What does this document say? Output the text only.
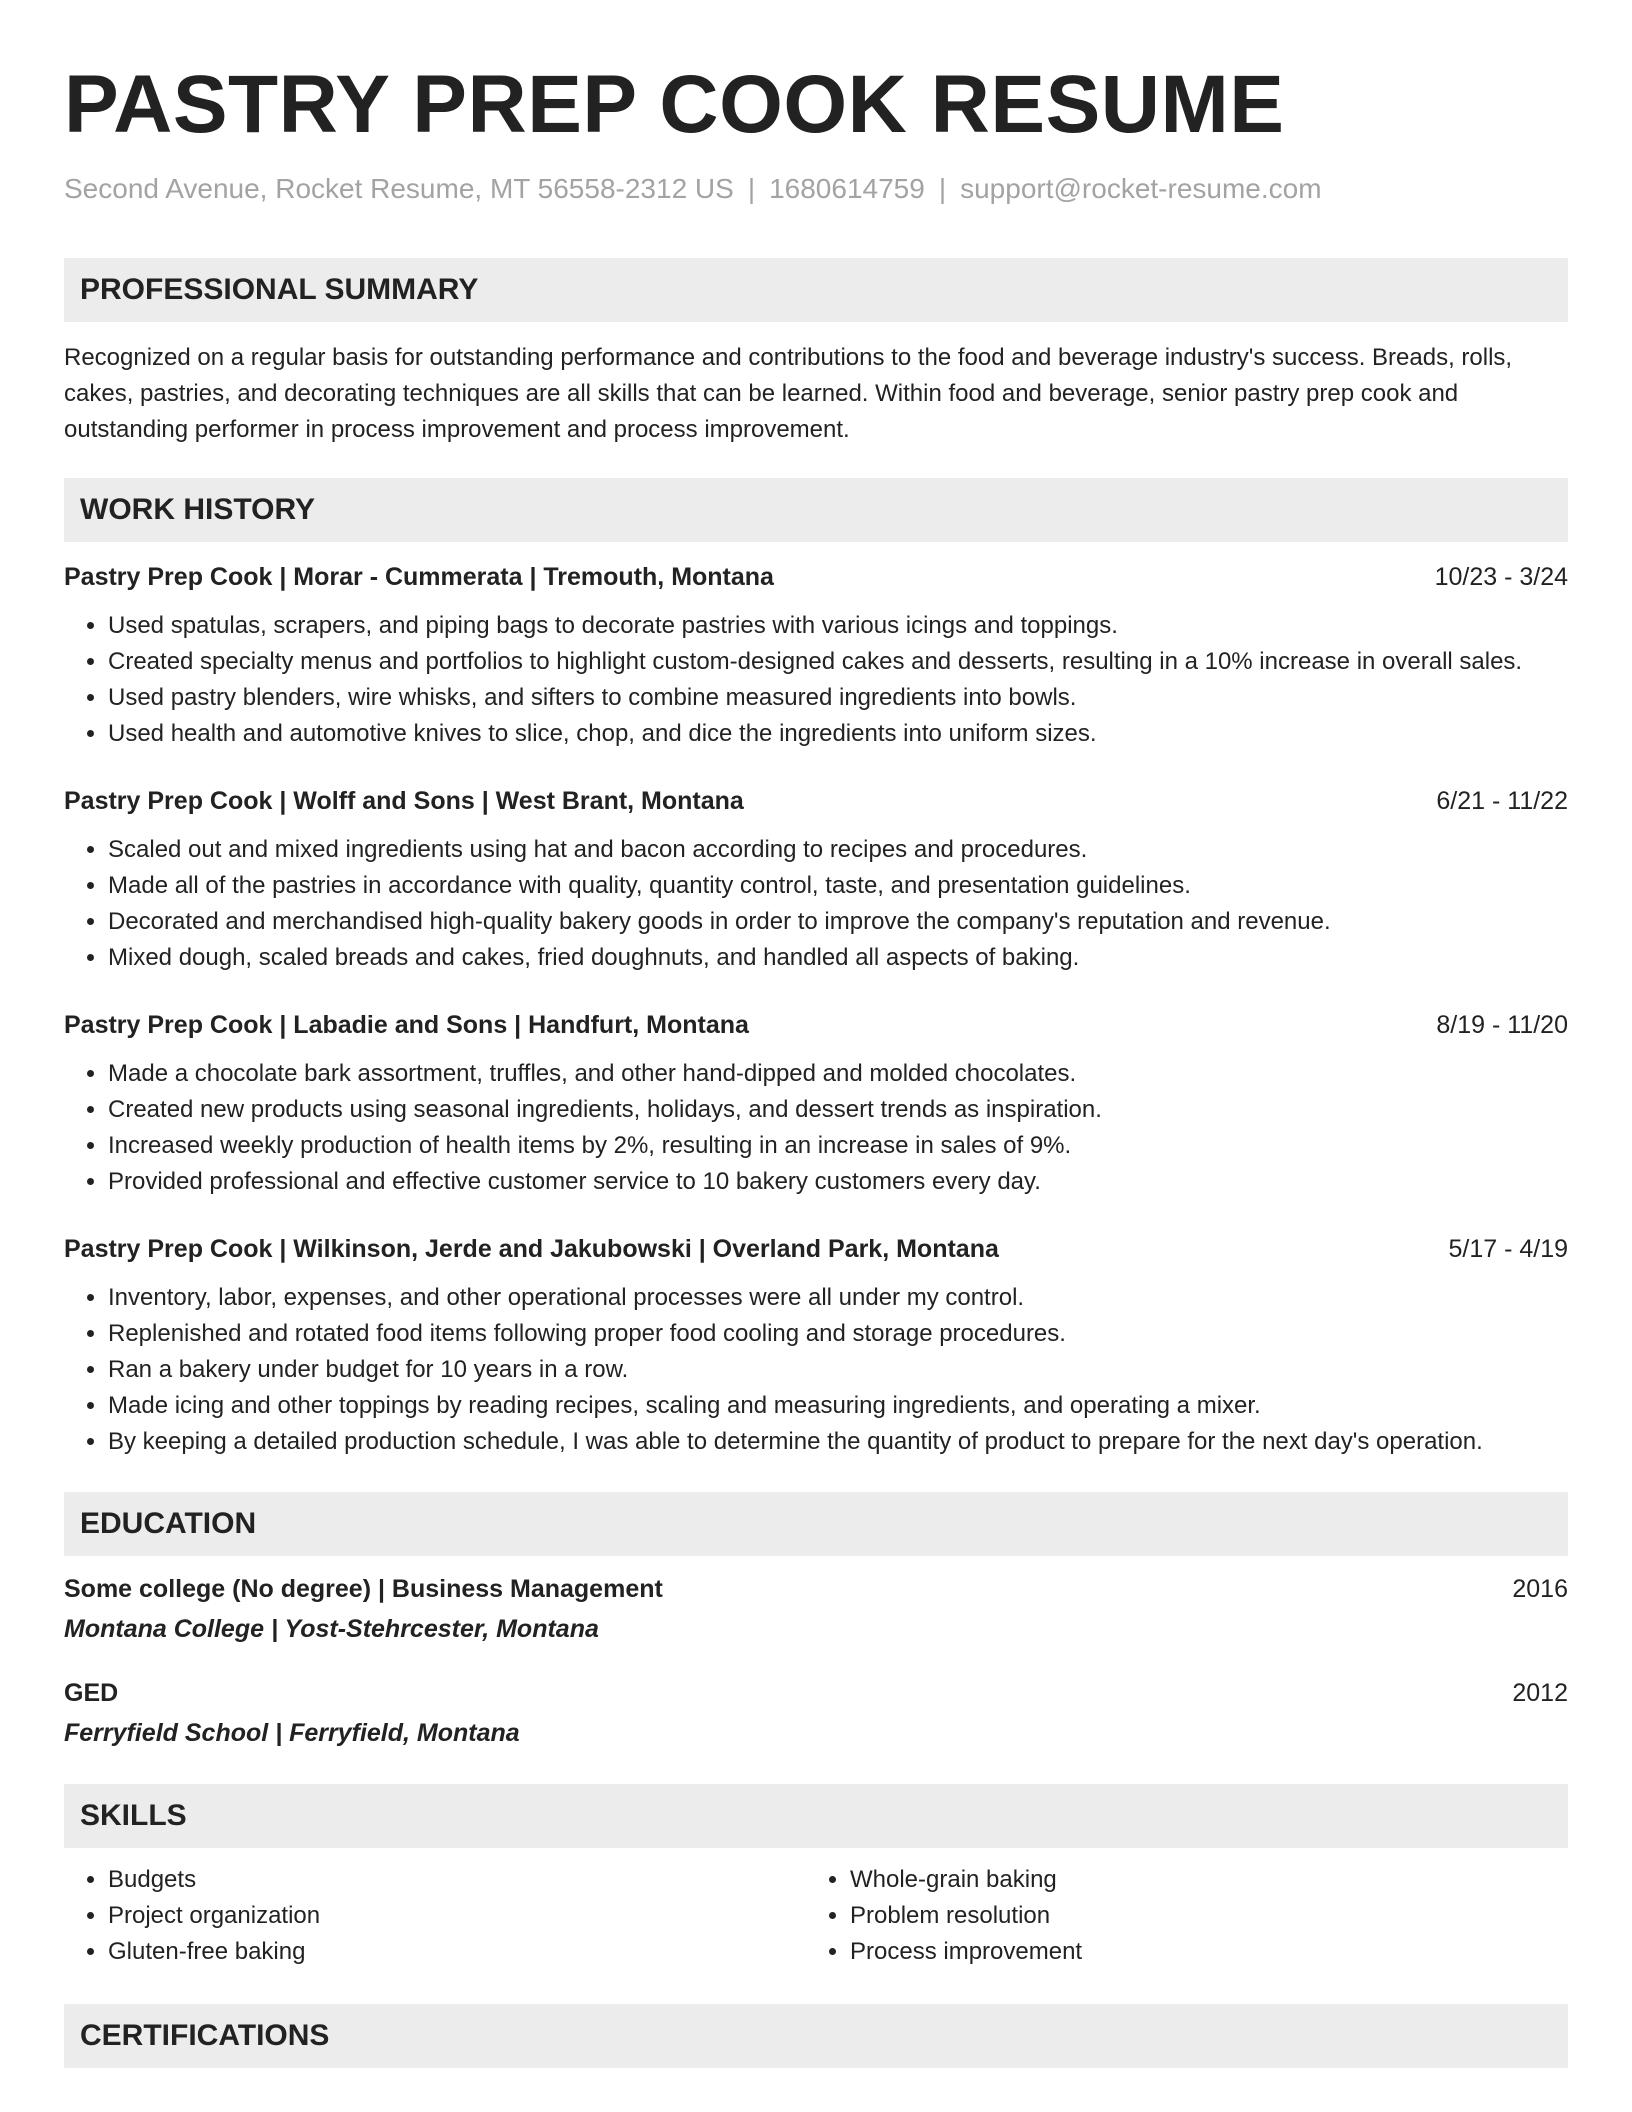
PASTRY PREP COOK RESUME
Second Avenue, Rocket Resume, MT 56558-2312 US | 1680614759 | support@rocket-resume.com
PROFESSIONAL SUMMARY

Recognized on a regular basis for outstanding performance and contributions to the food and beverage industry's success. Breads, rolls, cakes, pastries, and decorating techniques are all skills that can be learned. Within food and beverage, senior pastry prep cook and outstanding performer in process improvement and process improvement.

WORK HISTORY
Pastry Prep Cook | Morar - Cummerata | Tremouth, Montana	10/23 - 3/24
• Used spatulas, scrapers, and piping bags to decorate pastries with various icings and toppings.
• Created specialty menus and portfolios to highlight custom-designed cakes and desserts, resulting in a 10% increase in overall sales.
• Used pastry blenders, wire whisks, and sifters to combine measured ingredients into bowls.
• Used health and automotive knives to slice, chop, and dice the ingredients into uniform sizes.
Pastry Prep Cook | Wolff and Sons | West Brant, Montana	6/21 - 11/22
• Scaled out and mixed ingredients using hat and bacon according to recipes and procedures.
• Made all of the pastries in accordance with quality, quantity control, taste, and presentation guidelines.
• Decorated and merchandised high-quality bakery goods in order to improve the company's reputation and revenue.
• Mixed dough, scaled breads and cakes, fried doughnuts, and handled all aspects of baking.
Pastry Prep Cook | Labadie and Sons | Handfurt, Montana	8/19 - 11/20
• Made a chocolate bark assortment, truffles, and other hand-dipped and molded chocolates.
• Created new products using seasonal ingredients, holidays, and dessert trends as inspiration.
• Increased weekly production of health items by 2%, resulting in an increase in sales of 9%.
• Provided professional and effective customer service to 10 bakery customers every day.
Pastry Prep Cook | Wilkinson, Jerde and Jakubowski | Overland Park, Montana	5/17 - 4/19
• Inventory, labor, expenses, and other operational processes were all under my control.
• Replenished and rotated food items following proper food cooling and storage procedures.
• Ran a bakery under budget for 10 years in a row.
• Made icing and other toppings by reading recipes, scaling and measuring ingredients, and operating a mixer.
• By keeping a detailed production schedule, I was able to determine the quantity of product to prepare for the next day's operation.
EDUCATION
Some college (No degree) | Business Management	2016
Montana College | Yost-Stehrcester, Montana
GED	2012
Ferryfield School | Ferryfield, Montana
SKILLS
• Budgets
• Project organization
• Gluten-free baking
• Whole-grain baking
• Problem resolution
• Process improvement
CERTIFICATIONS
